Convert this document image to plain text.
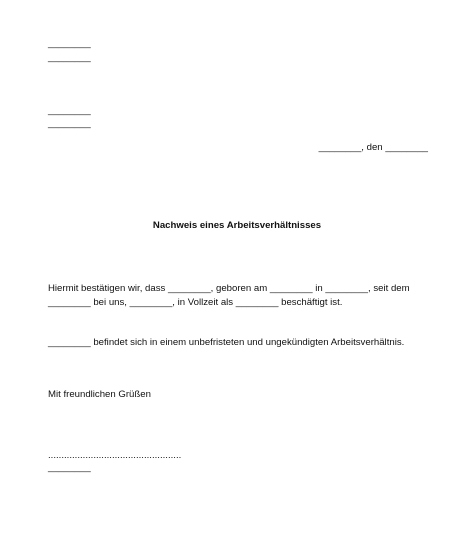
________
________
________
________
________, den ________
Nachweis eines Arbeitsverhältnisses
Hiermit bestätigen wir, dass ________, geboren am ________ in ________, seit dem
________ bei uns, ________, in Vollzeit als ________ beschäftigt ist.
________ befindet sich in einem unbefristeten und ungekündigten Arbeitsverhältnis.
Mit freundlichen Grüßen
..................................................
________
